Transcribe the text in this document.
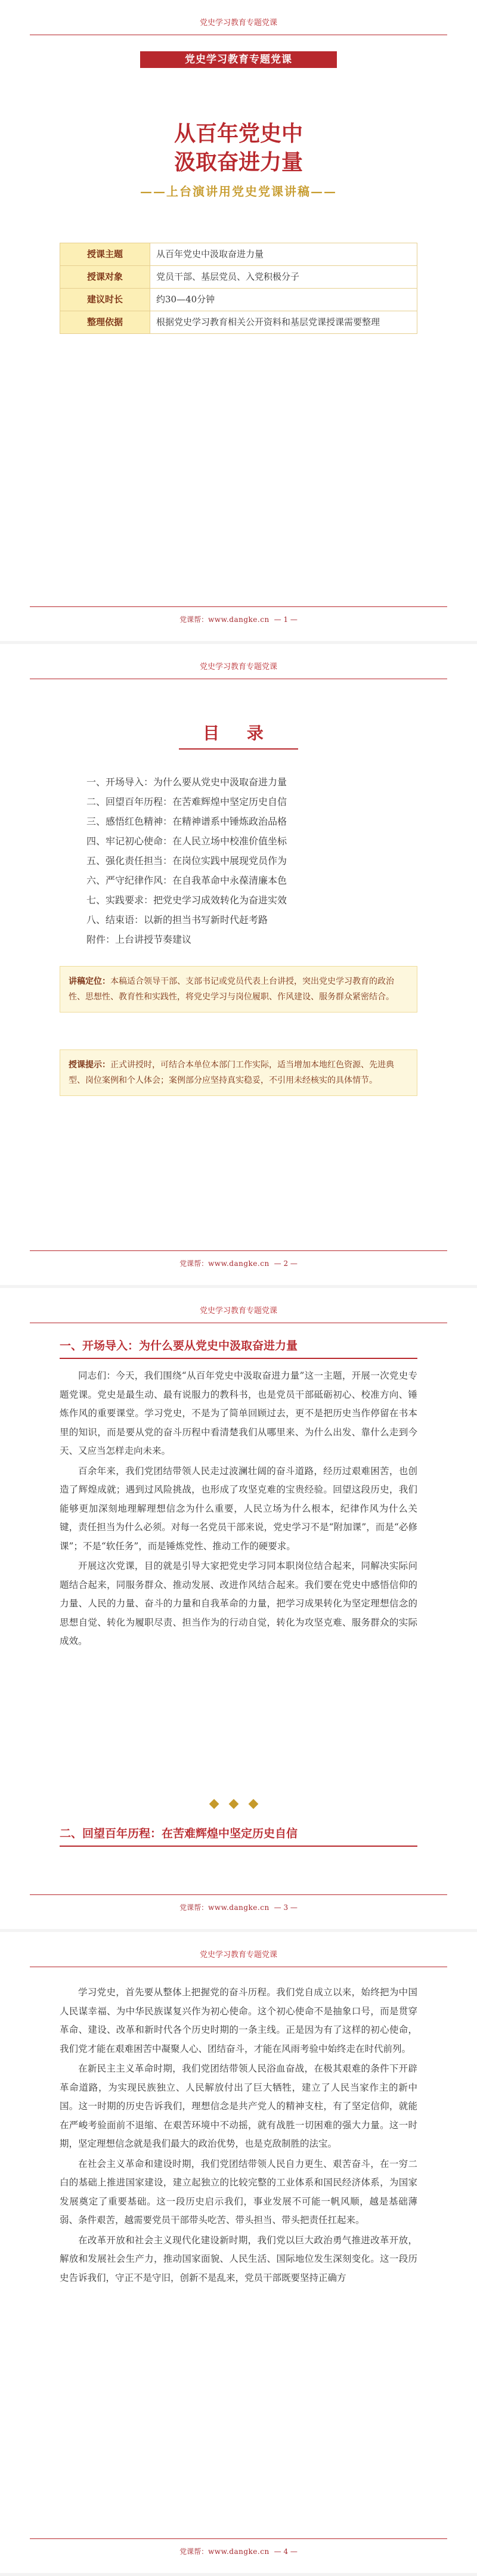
党史学习教育专题党课
党史学习教育专题党课
从百年党史中
汲取奋进力量
——上台演讲用党史党课讲稿——
授课主题	从百年党史中汲取奋进力量
授课对象	党员干部、基层党员、入党积极分子
建议时长	约30—40分钟
整理依据	根据党史学习教育相关公开资料和基层党课授课需要整理
党课帮：www.dangke.cn — 1 —
党史学习教育专题党课
目 录
一、开场导入：为什么要从党史中汲取奋进力量
二、回望百年历程：在苦难辉煌中坚定历史自信
三、感悟红色精神：在精神谱系中锤炼政治品格
四、牢记初心使命：在人民立场中校准价值坐标
五、强化责任担当：在岗位实践中展现党员作为
六、严守纪律作风：在自我革命中永葆清廉本色
七、实践要求：把党史学习成效转化为奋进实效
八、结束语：以新的担当书写新时代赶考路
附件：上台讲授节奏建议
讲稿定位：本稿适合领导干部、支部书记或党员代表上台讲授，突出党史学习教育的政治性、思想性、教育性和实践性，将党史学习与岗位履职、作风建设、服务群众紧密结合。
授课提示：正式讲授时，可结合本单位本部门工作实际，适当增加本地红色资源、先进典型、岗位案例和个人体会；案例部分应坚持真实稳妥，不引用未经核实的具体情节。
党课帮：www.dangke.cn — 2 —
党史学习教育专题党课
一、开场导入：为什么要从党史中汲取奋进力量

同志们：今天，我们围绕“从百年党史中汲取奋进力量”这一主题，开展一次党史专题党课。党史是最生动、最有说服力的教科书，也是党员干部砥砺初心、校准方向、锤炼作风的重要课堂。学习党史，不是为了简单回顾过去，更不是把历史当作停留在书本里的知识，而是要从党的奋斗历程中看清楚我们从哪里来、为什么出发、靠什么走到今天、又应当怎样走向未来。

百余年来，我们党团结带领人民走过波澜壮阔的奋斗道路，经历过艰难困苦，也创造了辉煌成就；遇到过风险挑战，也形成了攻坚克难的宝贵经验。回望这段历史，我们能够更加深刻地理解理想信念为什么重要，人民立场为什么根本，纪律作风为什么关键，责任担当为什么必须。对每一名党员干部来说，党史学习不是“附加课”，而是“必修课”；不是“软任务”，而是锤炼党性、推动工作的硬要求。

开展这次党课，目的就是引导大家把党史学习同本职岗位结合起来，同解决实际问题结合起来，同服务群众、推动发展、改进作风结合起来。我们要在党史中感悟信仰的力量、人民的力量、奋斗的力量和自我革命的力量，把学习成果转化为坚定理想信念的思想自觉、转化为履职尽责、担当作为的行动自觉，转化为攻坚克难、服务群众的实际成效。

◆◆◆
二、回望百年历程：在苦难辉煌中坚定历史自信
党课帮：www.dangke.cn — 3 —
党史学习教育专题党课

学习党史，首先要从整体上把握党的奋斗历程。我们党自成立以来，始终把为中国人民谋幸福、为中华民族谋复兴作为初心使命。这个初心使命不是抽象口号，而是贯穿革命、建设、改革和新时代各个历史时期的一条主线。正是因为有了这样的初心使命，我们党才能在艰难困苦中凝聚人心、团结奋斗，才能在风雨考验中始终走在时代前列。

在新民主主义革命时期，我们党团结带领人民浴血奋战，在极其艰难的条件下开辟革命道路，为实现民族独立、人民解放付出了巨大牺牲，建立了人民当家作主的新中国。这一时期的历史告诉我们，理想信念是共产党人的精神支柱，有了坚定信仰，就能在严峻考验面前不退缩、在艰苦环境中不动摇，就有战胜一切困难的强大力量。这一时期，坚定理想信念就是我们最大的政治优势，也是克敌制胜的法宝。

在社会主义革命和建设时期，我们党团结带领人民自力更生、艰苦奋斗，在一穷二白的基础上推进国家建设，建立起独立的比较完整的工业体系和国民经济体系，为国家发展奠定了重要基础。这一段历史启示我们，事业发展不可能一帆风顺，越是基础薄弱、条件艰苦，越需要党员干部带头吃苦、带头担当、带头把责任扛起来。

在改革开放和社会主义现代化建设新时期，我们党以巨大政治勇气推进改革开放，解放和发展社会生产力，推动国家面貌、人民生活、国际地位发生深刻变化。这一段历史告诉我们，守正不是守旧，创新不是乱来，党员干部既要坚持正确方

党课帮：www.dangke.cn — 4 —
